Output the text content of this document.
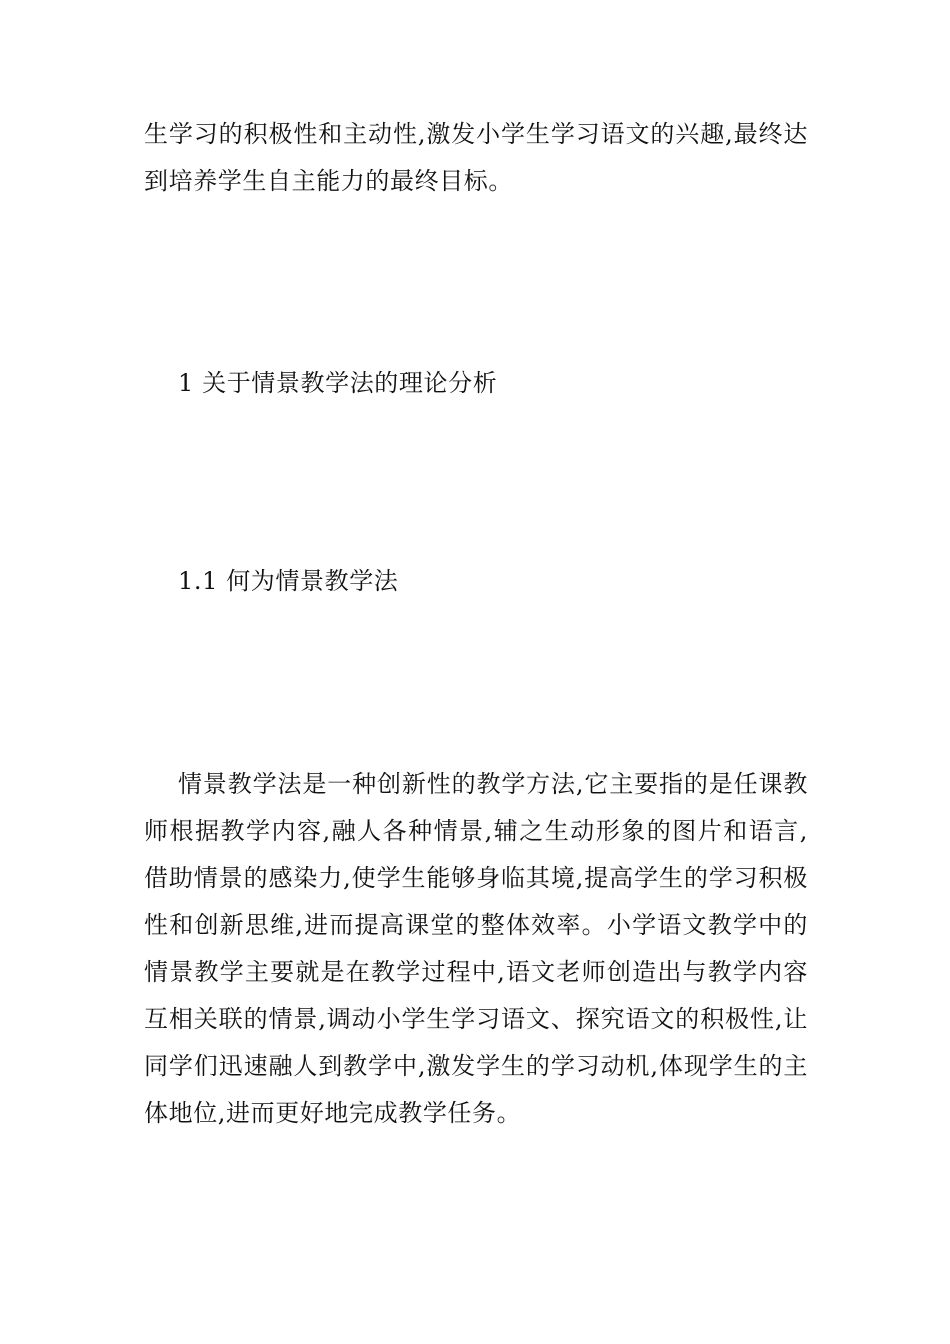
生学习的积极性和主动性,激发小学生学习语文的兴趣,最终达到培养学生自主能力的最终目标。

1 关于情景教学法的理论分析
1.1 何为情景教学法

情景教学法是一种创新性的教学方法,它主要指的是任课教师根据教学内容,融人各种情景,辅之生动形象的图片和语言,借助情景的感染力,使学生能够身临其境,提高学生的学习积极性和创新思维,进而提高课堂的整体效率。小学语文教学中的情景教学主要就是在教学过程中,语文老师创造出与教学内容互相关联的情景,调动小学生学习语文、探究语文的积极性,让同学们迅速融人到教学中,激发学生的学习动机,体现学生的主体地位,进而更好地完成教学任务。
